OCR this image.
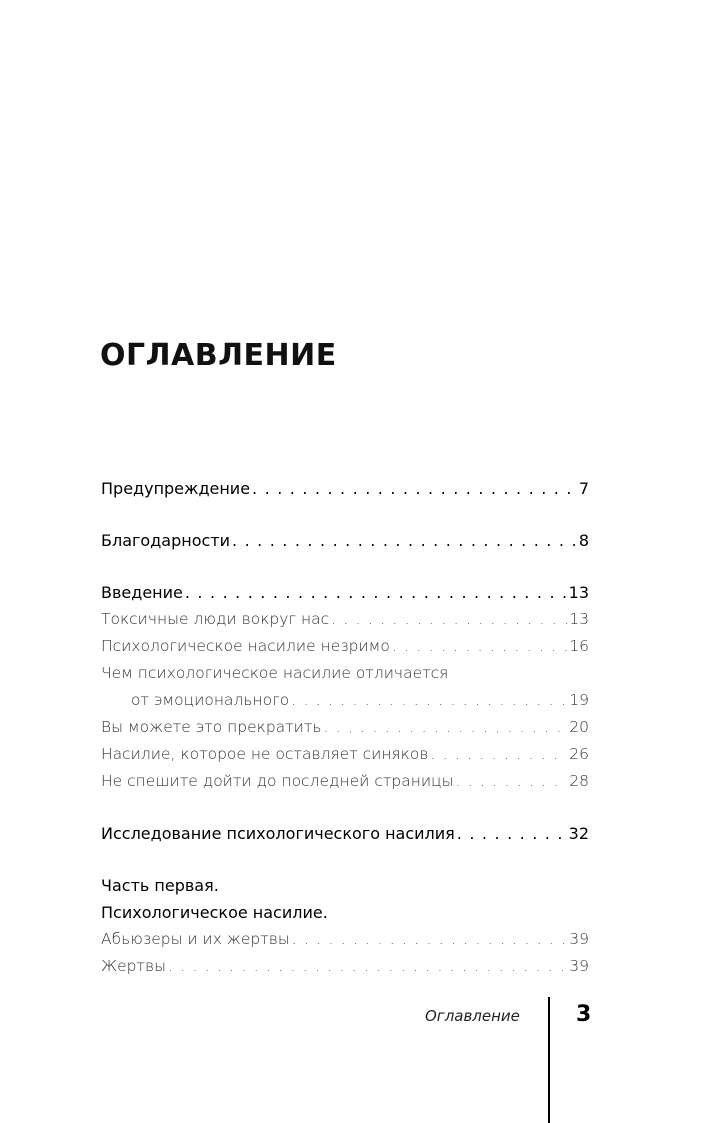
ОГЛАВЛЕНИЕ
Предупреждение . . .	7
Благодарности . . .	8
Введение . . .	13
Токсичные люди вокруг нас . . .	13
Психологическое насилие незримо . . .	16
Чем психологическое насилие отличается
от эмоционального . . .	19
Вы можете это прекратить . . .	20
Насилие, которое не оставляет синяков . . .	26
Не спешите дойти до последней страницы . . .	28
Исследование психологического насилия . . .	32
Часть первая.
Психологическое насилие.
Абьюзеры и их жертвы . . .	39
Жертвы . . .	39
Оглавление	3
